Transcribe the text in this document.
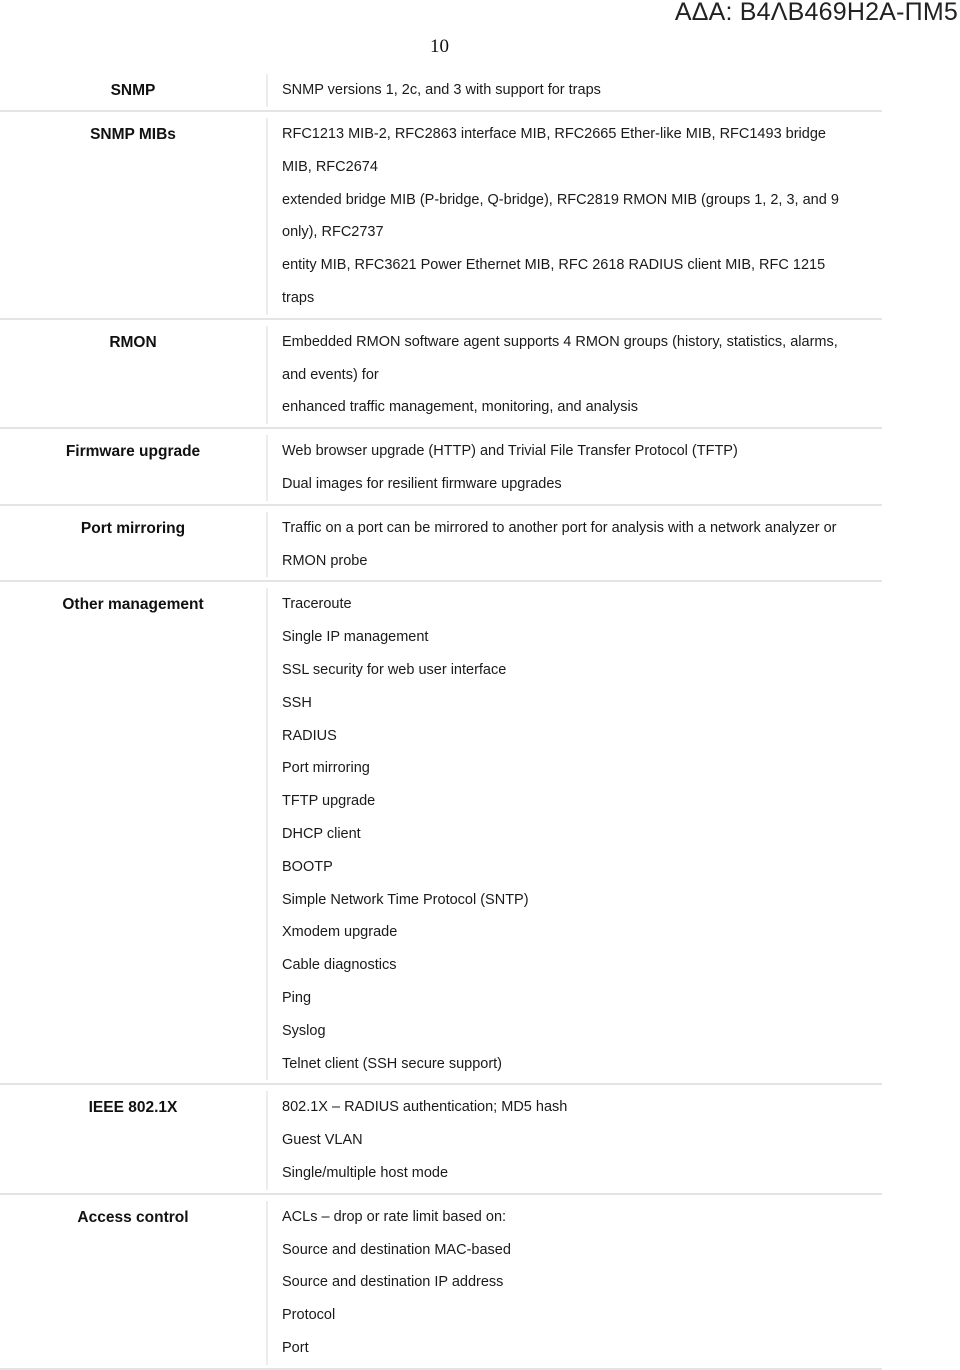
10
ΑΔΑ: Β4ΛΒ469Η2Α-ΠΜ5
SNMP	SNMP versions 1, 2c, and 3 with support for traps
SNMP MIBs	RFC1213 MIB-2, RFC2863 interface MIB, RFC2665 Ether-like MIB, RFC1493 bridge
MIB, RFC2674
extended bridge MIB (P-bridge, Q-bridge), RFC2819 RMON MIB (groups 1, 2, 3, and 9
only), RFC2737
entity MIB, RFC3621 Power Ethernet MIB, RFC 2618 RADIUS client MIB, RFC 1215
traps
RMON	Embedded RMON software agent supports 4 RMON groups (history, statistics, alarms,
and events) for
enhanced traffic management, monitoring, and analysis
Firmware upgrade	Web browser upgrade (HTTP) and Trivial File Transfer Protocol (TFTP)
Dual images for resilient firmware upgrades
Port mirroring	Traffic on a port can be mirrored to another port for analysis with a network analyzer or
RMON probe
Other management	Traceroute
Single IP management
SSL security for web user interface
SSH
RADIUS
Port mirroring
TFTP upgrade
DHCP client
BOOTP
Simple Network Time Protocol (SNTP)
Xmodem upgrade
Cable diagnostics
Ping
Syslog
Telnet client (SSH secure support)
IEEE 802.1X	802.1X – RADIUS authentication; MD5 hash
Guest VLAN
Single/multiple host mode
Access control	ACLs – drop or rate limit based on:
Source and destination MAC-based
Source and destination IP address
Protocol
Port
